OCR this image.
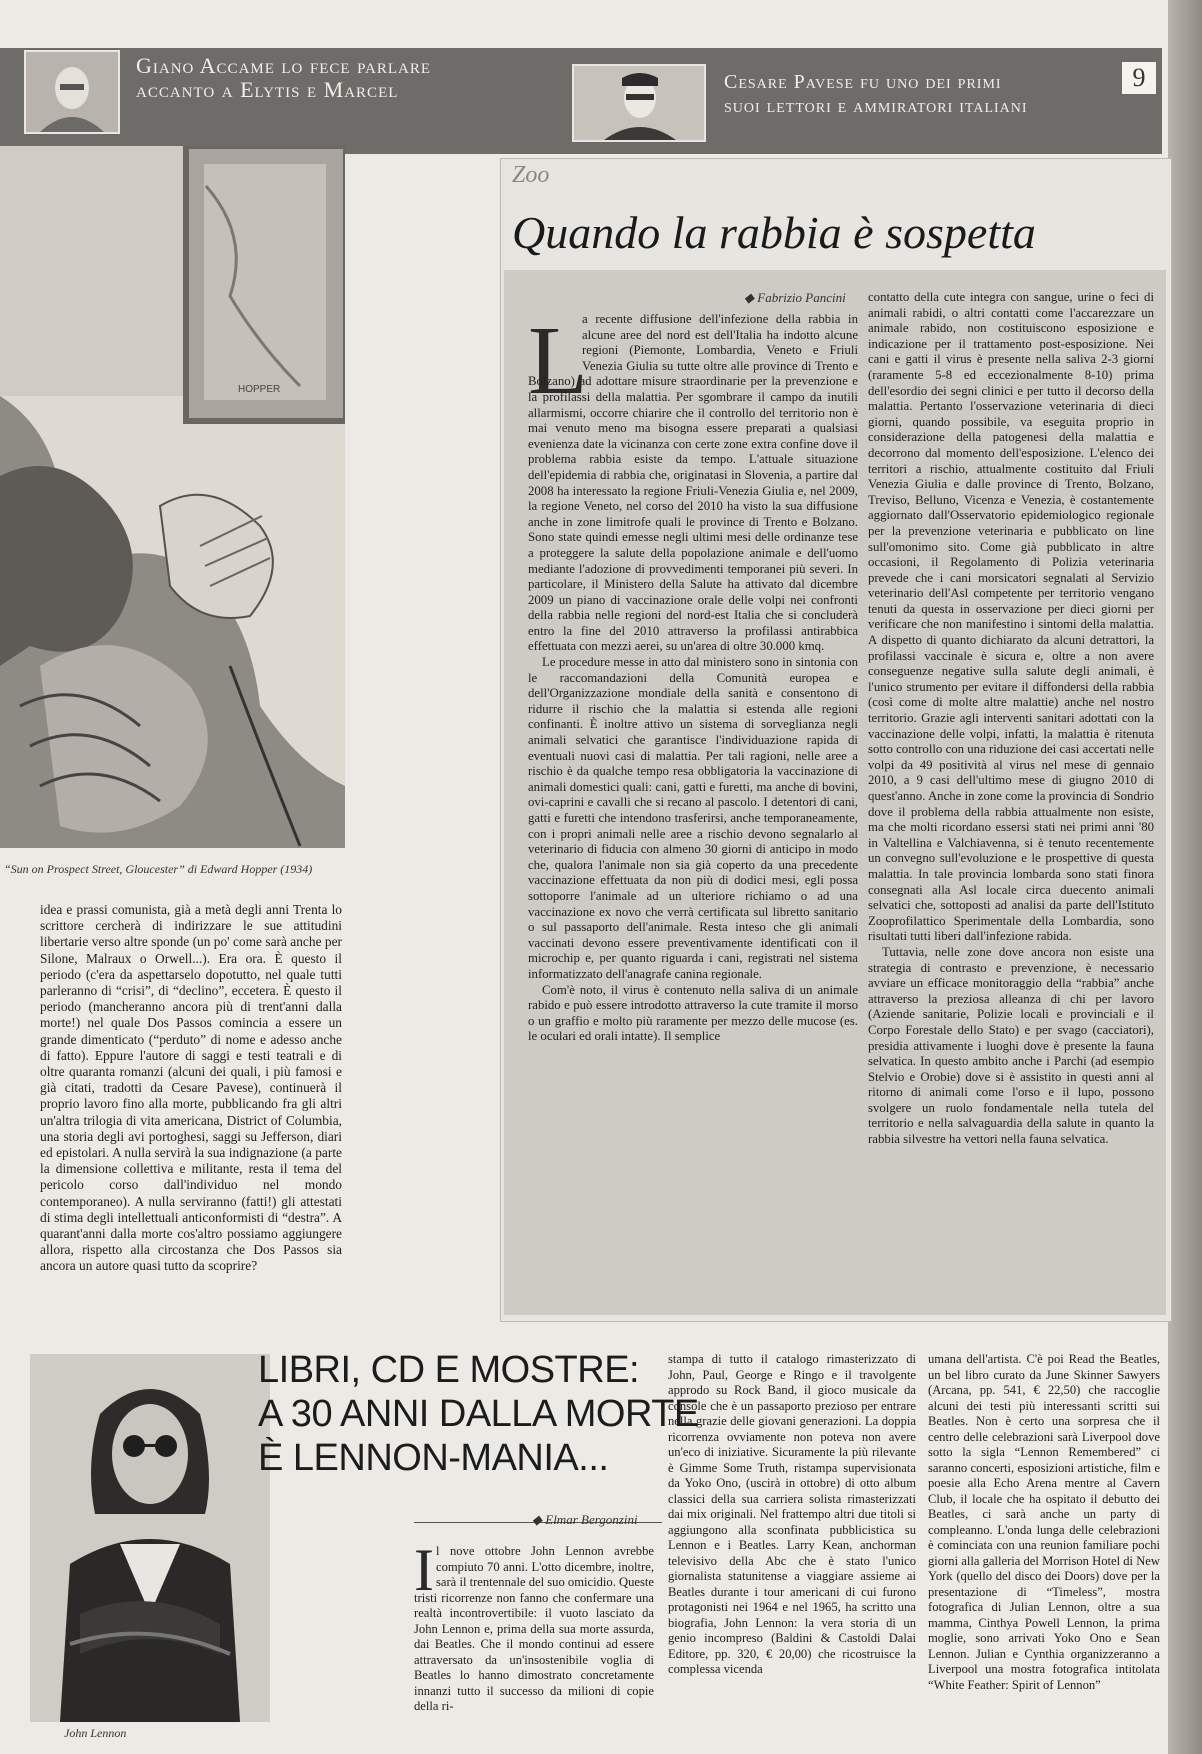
Giano Accame lo fece parlare
accanto a Elytis e Marcel	Cesare Pavese fu uno dei primi
suoi lettori e ammiratori italiani
9
HOPPER
“Sun on Prospect Street, Gloucester” di Edward Hopper (1934)

idea e prassi comunista, già a metà degli anni Trenta lo scrittore cercherà di indirizzare le sue attitudini libertarie verso altre sponde (un po' come sarà anche per Silone, Malraux o Orwell...). Era ora. È questo il periodo (c'era da aspettarselo dopotutto, nel quale tutti parleranno di “crisi”, di “declino”, eccetera. È questo il periodo (mancheranno ancora più di trent'anni dalla morte!) nel quale Dos Passos comincia a essere un grande dimenticato (“perduto” di nome e adesso anche di fatto). Eppure l'autore di saggi e testi teatrali e di oltre quaranta romanzi (alcuni dei quali, i più famosi e già citati, tradotti da Cesare Pavese), continuerà il proprio lavoro fino alla morte, pubblicando fra gli altri un'altra trilogia di vita americana, District of Columbia, una storia degli avi portoghesi, saggi su Jefferson, diari ed epistolari. A nulla servirà la sua indignazione (a parte la dimensione collettiva e militante, resta il tema del pericolo corso dall'individuo nel mondo contemporaneo). A nulla serviranno (fatti!) gli attestati di stima degli intellettuali anticonformisti di “destra”. A quarant'anni dalla morte cos'altro possiamo aggiungere allora, rispetto alla circostanza che Dos Passos sia ancora un autore quasi tutto da scoprire?

Zoo
Quando la rabbia è sospetta
◆ Fabrizio Pancini
L

a recente diffusione dell'infezione della rabbia in alcune aree del nord est dell'Italia ha indotto alcune regioni (Piemonte, Lombardia, Veneto e Friuli Venezia Giulia su tutte oltre alle province di Trento e Bolzano) ad adottare misure straordinarie per la prevenzione e la profilassi della malattia. Per sgombrare il campo da inutili allarmismi, occorre chiarire che il controllo del territorio non è mai venuto meno ma bisogna essere preparati a qualsiasi evenienza date la vicinanza con certe zone extra confine dove il problema rabbia esiste da tempo. L'attuale situazione dell'epidemia di rabbia che, originatasi in Slovenia, a partire dal 2008 ha interessato la regione Friuli-Venezia Giulia e, nel 2009, la regione Veneto, nel corso del 2010 ha visto la sua diffusione anche in zone limitrofe quali le province di Trento e Bolzano. Sono state quindi emesse negli ultimi mesi delle ordinanze tese a proteggere la salute della popolazione animale e dell'uomo mediante l'adozione di provvedimenti temporanei più severi. In particolare, il Ministero della Salute ha attivato dal dicembre 2009 un piano di vaccinazione orale delle volpi nei confronti della rabbia nelle regioni del nord-est Italia che si concluderà entro la fine del 2010 attraverso la profilassi antirabbica effettuata con mezzi aerei, su un'area di oltre 30.000 kmq.

Le procedure messe in atto dal ministero sono in sintonia con le raccomandazioni della Comunità europea e dell'Organizzazione mondiale della sanità e consentono di ridurre il rischio che la malattia si estenda alle regioni confinanti. È inoltre attivo un sistema di sorveglianza negli animali selvatici che garantisce l'individuazione rapida di eventuali nuovi casi di malattia. Per tali ragioni, nelle aree a rischio è da qualche tempo resa obbligatoria la vaccinazione di animali domestici quali: cani, gatti e furetti, ma anche di bovini, ovi-caprini e cavalli che si recano al pascolo. I detentori di cani, gatti e furetti che intendono trasferirsi, anche temporaneamente, con i propri animali nelle aree a rischio devono segnalarlo al veterinario di fiducia con almeno 30 giorni di anticipo in modo che, qualora l'animale non sia già coperto da una precedente vaccinazione effettuata da non più di dodici mesi, egli possa sottoporre l'animale ad un ulteriore richiamo o ad una vaccinazione ex novo che verrà certificata sul libretto sanitario o sul passaporto dell'animale. Resta inteso che gli animali vaccinati devono essere preventivamente identificati con il microchip e, per quanto riguarda i cani, registrati nel sistema informatizzato dell'anagrafe canina regionale.

Com'è noto, il virus è contenuto nella saliva di un animale rabido e può essere introdotto attraverso la cute tramite il morso o un graffio e molto più raramente per mezzo delle mucose (es. le oculari ed orali intatte). Il semplice

contatto della cute integra con sangue, urine o feci di animali rabidi, o altri contatti come l'accarezzare un animale rabido, non costituiscono esposizione e indicazione per il trattamento post-esposizione. Nei cani e gatti il virus è presente nella saliva 2-3 giorni (raramente 5-8 ed eccezionalmente 8-10) prima dell'esordio dei segni clinici e per tutto il decorso della malattia. Pertanto l'osservazione veterinaria di dieci giorni, quando possibile, va eseguita proprio in considerazione della patogenesi della malattia e decorrono dal momento dell'esposizione. L'elenco dei territori a rischio, attualmente costituito dal Friuli Venezia Giulia e dalle province di Trento, Bolzano, Treviso, Belluno, Vicenza e Venezia, è costantemente aggiornato dall'Osservatorio epidemiologico regionale per la prevenzione veterinaria e pubblicato on line sull'omonimo sito. Come già pubblicato in altre occasioni, il Regolamento di Polizia veterinaria prevede che i cani morsicatori segnalati al Servizio veterinario dell'Asl competente per territorio vengano tenuti da questa in osservazione per dieci giorni per verificare che non manifestino i sintomi della malattia. A dispetto di quanto dichiarato da alcuni detrattori, la profilassi vaccinale è sicura e, oltre a non avere conseguenze negative sulla salute degli animali, è l'unico strumento per evitare il diffondersi della rabbia (così come di molte altre malattie) anche nel nostro territorio. Grazie agli interventi sanitari adottati con la vaccinazione delle volpi, infatti, la malattia è ritenuta sotto controllo con una riduzione dei casi accertati nelle volpi da 49 positività al virus nel mese di gennaio 2010, a 9 casi dell'ultimo mese di giugno 2010 di quest'anno. Anche in zone come la provincia di Sondrio dove il problema della rabbia attualmente non esiste, ma che molti ricordano essersi stati nei primi anni '80 in Valtellina e Valchiavenna, si è tenuto recentemente un convegno sull'evoluzione e le prospettive di questa malattia. In tale provincia lombarda sono stati finora consegnati alla Asl locale circa duecento animali selvatici che, sottoposti ad analisi da parte dell'Istituto Zooprofilattico Sperimentale della Lombardia, sono risultati tutti liberi dall'infezione rabida.

Tuttavia, nelle zone dove ancora non esiste una strategia di contrasto e prevenzione, è necessario avviare un efficace monitoraggio della “rabbia” anche attraverso la preziosa alleanza di chi per lavoro (Aziende sanitarie, Polizie locali e provinciali e il Corpo Forestale dello Stato) e per svago (cacciatori), presidia attivamente i luoghi dove è presente la fauna selvatica. In questo ambito anche i Parchi (ad esempio Stelvio e Orobie) dove si è assistito in questi anni al ritorno di animali come l'orso e il lupo, possono svolgere un ruolo fondamentale nella tutela del territorio e nella salvaguardia della salute in quanto la rabbia silvestre ha vettori nella fauna selvatica.

John Lennon
LIBRI, CD E MOSTRE:
A 30 ANNI DALLA MORTE
È LENNON-MANIA...
◆ Elmar Bergonzini
I l nove ottobre John Lennon avrebbe compiuto 70 anni. L'otto dicembre, inoltre, sarà il trentennale del suo omicidio. Queste tristi ricorrenze non fanno che confermare una realtà incontrovertibile: il vuoto lasciato da John Lennon e, prima della sua morte assurda, dai Beatles. Che il mondo continui ad essere attraversato da un'insostenibile voglia di Beatles lo hanno dimostrato concretamente innanzi tutto il successo da milioni di copie della ri-

stampa di tutto il catalogo rimasterizzato di John, Paul, George e Ringo e il travolgente approdo su Rock Band, il gioco musicale da console che è un passaporto prezioso per entrare nella grazie delle giovani generazioni. La doppia ricorrenza ovviamente non poteva non avere un'eco di iniziative. Sicuramente la più rilevante è Gimme Some Truth, ristampa supervisionata da Yoko Ono, (uscirà in ottobre) di otto album classici della sua carriera solista rimasterizzati dai mix originali. Nel frattempo altri due titoli si aggiungono alla sconfinata pubblicistica su Lennon e i Beatles. Larry Kean, anchorman televisivo della Abc che è stato l'unico giornalista statunitense a viaggiare assieme ai Beatles durante i tour americani di cui furono protagonisti nei 1964 e nel 1965, ha scritto una biografia, John Lennon: la vera storia di un genio incompreso (Baldini & Castoldi Dalai Editore, pp. 320, € 20,00) che ricostruisce la complessa vicenda

umana dell'artista. C'è poi Read the Beatles, un bel libro curato da June Skinner Sawyers (Arcana, pp. 541, € 22,50) che raccoglie alcuni dei testi più interessanti scritti sui Beatles. Non è certo una sorpresa che il centro delle celebrazioni sarà Liverpool dove sotto la sigla “Lennon Remembered” ci saranno concerti, esposizioni artistiche, film e poesie alla Echo Arena mentre al Cavern Club, il locale che ha ospitato il debutto dei Beatles, ci sarà anche un party di compleanno. L'onda lunga delle celebrazioni è cominciata con una reunion familiare pochi giorni alla galleria del Morrison Hotel di New York (quello del disco dei Doors) dove per la presentazione di “Timeless”, mostra fotografica di Julian Lennon, oltre a sua mamma, Cinthya Powell Lennon, la prima moglie, sono arrivati Yoko Ono e Sean Lennon. Julian e Cynthia organizzeranno a Liverpool una mostra fotografica intitolata “White Feather: Spirit of Lennon”
